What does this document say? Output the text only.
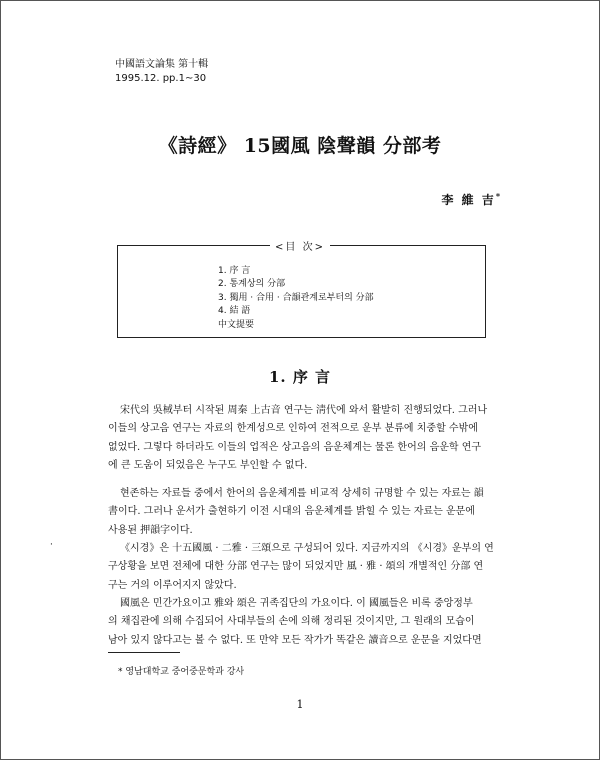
中國語文論集 第十輯
1995.12. pp.1∼30
《詩經》 15國風 陰聲韻 分部考
李 維 吉*
<目 次>
1. 序 言
2. 통계상의 分部
3. 獨用 · 合用 · 合韻관계로부터의 分部
4. 結 語
中文提要
1. 序 言

宋代의 吳棫부터 시작된 周秦 上古音 연구는 淸代에 와서 활발히 진행되었다. 그러나
이들의 상고음 연구는 자료의 한계성으로 인하여 전적으로 운부 분류에 치중할 수밖에
없었다. 그렇다 하더라도 이들의 업적은 상고음의 음운체계는 물론 한어의 음운학 연구
에 큰 도움이 되었음은 누구도 부인할 수 없다.

현존하는 자료들 중에서 한어의 음운체계를 비교적 상세히 규명할 수 있는 자료는 韻
書이다. 그러나 운서가 출현하기 이전 시대의 음운체계를 밝힐 수 있는 자료는 운문에
사용된 押韻字이다.

《시경》은 十五國風 · 二雅 · 三頌으로 구성되어 있다. 지금까지의 《시경》운부의 연
구상황을 보면 전체에 대한 分部 연구는 많이 되었지만 風 · 雅 · 頌의 개별적인 分部 연
구는 거의 이루어지지 않았다.

國風은 민간가요이고 雅와 頌은 귀족집단의 가요이다. 이 國風들은 비록 중앙정부
의 채집관에 의해 수집되어 사대부들의 손에 의해 정리된 것이지만, 그 원래의 모습이
남아 있지 않다고는 볼 수 없다. 또 만약 모든 작가가 똑같은 讀音으로 운문을 지었다면

·
* 영남대학교 중어중문학과 강사
1
